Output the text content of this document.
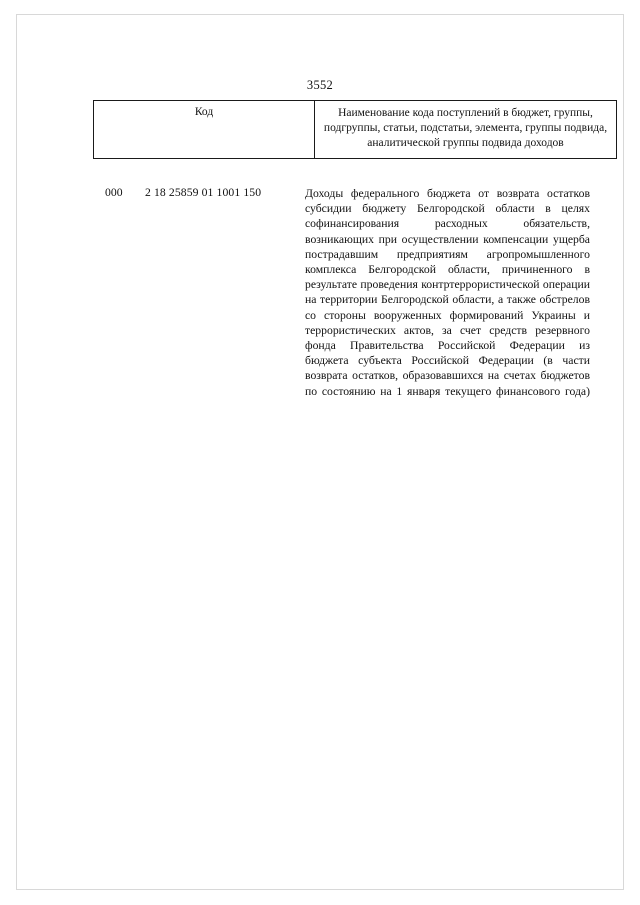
3552
Код	Наименование кода поступлений в бюджет, группы, подгруппы, статьи, подстатьи, элемента, группы подвида, аналитической группы подвида доходов
000 2 18 25859 01 1001 150	Доходы федерального бюджета от возврата остатков субсидии бюджету Белгородской области в целях софинансирования расходных обязательств, возникающих при осуществлении компенсации ущерба пострадавшим предприятиям агропромышленного комплекса Белгородской области, причиненного в результате проведения контртеррористической операции на территории Белгородской области, а также обстрелов со стороны вооруженных формирований Украины и террористических актов, за счет средств резервного фонда Правительства Российской Федерации из бюджета субъекта Российской Федерации (в части возврата остатков, образовавшихся на счетах бюджетов по состоянию на 1 января текущего финансового года)
